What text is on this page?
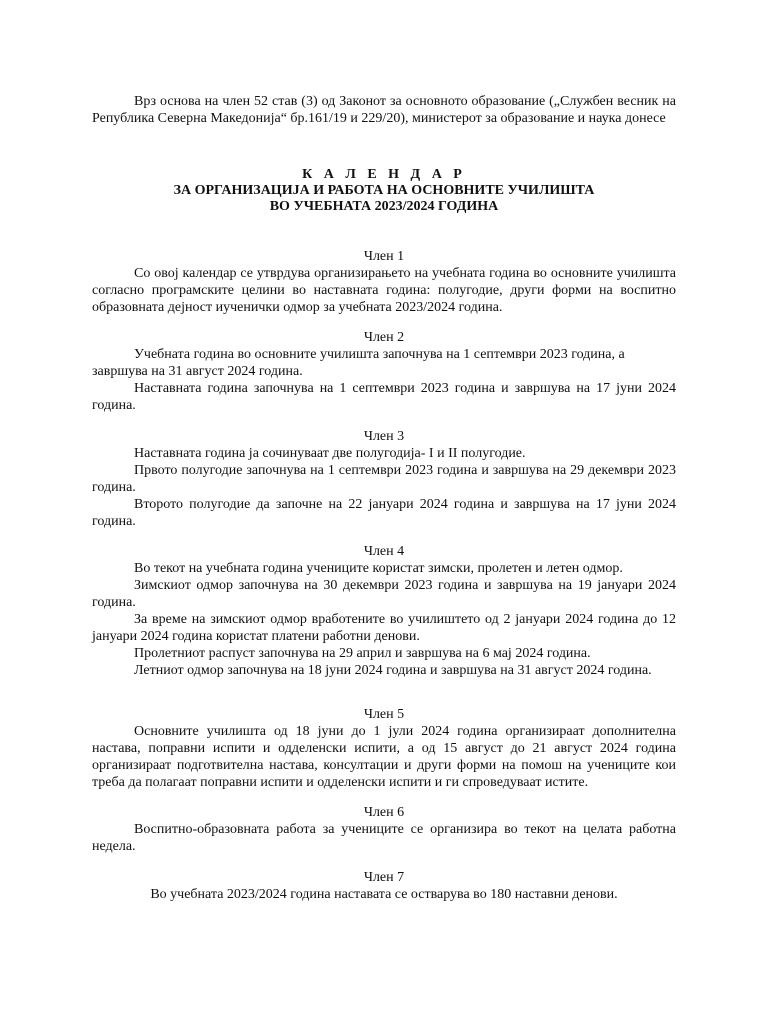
Врз основа на член 52 став (3) од Законот за основното образование („Службен весник на Република Северна Македонија“ бр.161/19 и 229/20), министерот за образование и наука донесе

К А Л Е Н Д А Р

ЗА ОРГАНИЗАЦИЈА И РАБОТА НА ОСНОВНИТЕ УЧИЛИШТА

ВО УЧЕБНАТА 2023/2024 ГОДИНА

Член 1

Со овој календар се утврдува организирањето на учебната година во основните училишта согласно програмските целини во наставната година: полугодие, други форми на воспитно образовната дејност иученички одмор за учебната 2023/2024 година.

Член 2

Учебната година во основните училишта започнува на 1 септември 2023 година, а завршува на 31 август 2024 година.

Наставната година започнува на 1 септември 2023 година и завршува на 17 јуни 2024 година.

Член 3

Наставната година ја сочинуваат две полугодија- I и II полугодие.

Првото полугодие започнува на 1 септември 2023 година и завршува на 29 декември 2023 година.

Второто полугодие да започне на 22 јануари 2024 година и завршува на 17 јуни 2024 година.

Член 4

Во текот на учебната година учениците користат зимски, пролетен и летен одмор.

Зимскиот одмор започнува на 30 декември 2023 година и завршува на 19 јануари 2024 година.

За време на зимскиот одмор вработените во училиштето од 2 јануари 2024 година до 12 јануари 2024 година користат платени работни денови.

Пролетниот распуст започнува на 29 април и завршува на 6 мај 2024 година.

Летниот одмор започнува на 18 јуни 2024 година и завршува на 31 август 2024 година.

Член 5

Основните училишта од 18 јуни до 1 јули 2024 година организираат дополнителна настава, поправни испити и одделенски испити, а од 15 август до 21 август 2024 година организираат подготвителна настава, консултации и други форми на помош на учениците кои треба да полагаат поправни испити и одделенски испити и ги спроведуваат истите.

Член 6

Воспитно-образовната работа за учениците се организира во текот на целата работна недела.

Член 7

Во учебната 2023/2024 година наставата се остварува во 180 наставни денови.
